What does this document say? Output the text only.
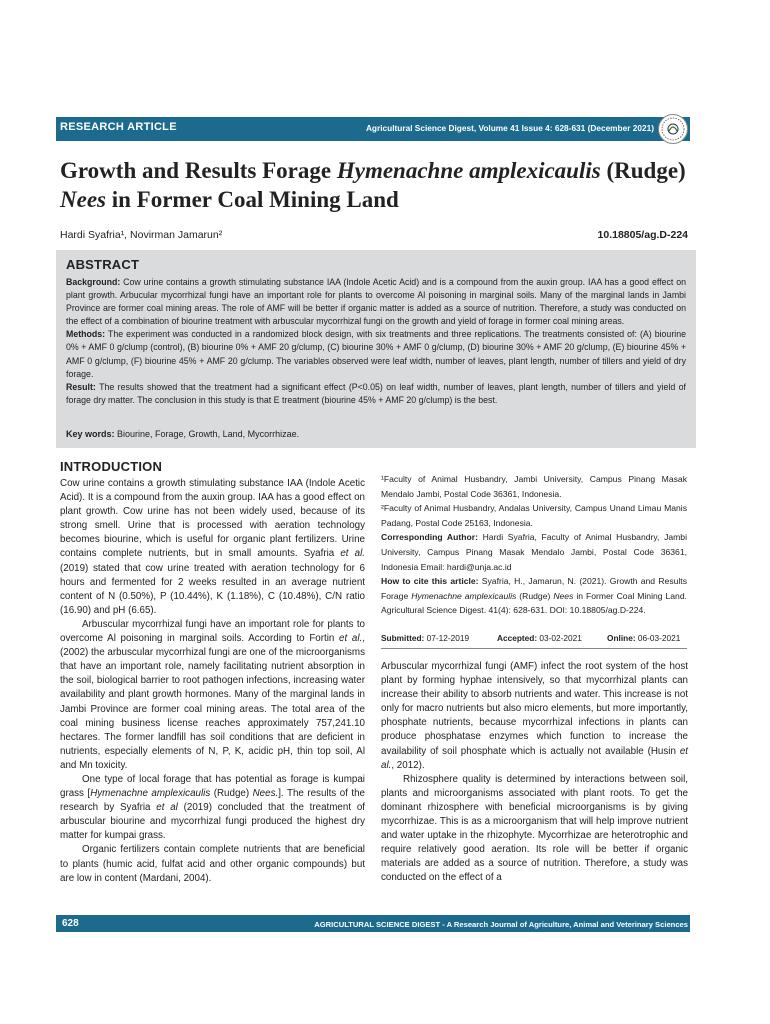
RESEARCH ARTICLE	Agricultural Science Digest, Volume 41 Issue 4: 628-631 (December 2021)
Growth and Results Forage Hymenachne amplexicaulis (Rudge)
Nees in Former Coal Mining Land
Hardi Syafria¹, Novirman Jamarun²	10.18805/ag.D-224
ABSTRACT
Background: Cow urine contains a growth stimulating substance IAA (Indole Acetic Acid) and is a compound from the auxin group. IAA has a good effect on plant growth. Arbucular mycorrhizal fungi have an important role for plants to overcome Al poisoning in marginal soils. Many of the marginal lands in Jambi Province are former coal mining areas. The role of AMF will be better if organic matter is added as a source of nutrition. Therefore, a study was conducted on the effect of a combination of biourine treatment with arbuscular mycorrhizal fungi on the growth and yield of forage in former coal mining areas.
Methods: The experiment was conducted in a randomized block design, with six treatments and three replications. The treatments consisted of: (A) biourine 0% + AMF 0 g/clump (control), (B) biourine 0% + AMF 20 g/clump, (C) biourine 30% + AMF 0 g/clump, (D) biourine 30% + AMF 20 g/clump, (E) biourine 45% + AMF 0 g/clump, (F) biourine 45% + AMF 20 g/clump. The variables observed were leaf width, number of leaves, plant length, number of tillers and yield of dry forage.
Result: The results showed that the treatment had a significant effect (P<0.05) on leaf width, number of leaves, plant length, number of tillers and yield of forage dry matter. The conclusion in this study is that E treatment (biourine 45% + AMF 20 g/clump) is the best.
Key words: Biourine, Forage, Growth, Land, Mycorrhizae.
INTRODUCTION

Cow urine contains a growth stimulating substance IAA (Indole Acetic Acid). It is a compound from the auxin group. IAA has a good effect on plant growth. Cow urine has not been widely used, because of its strong smell. Urine that is processed with aeration technology becomes biourine, which is useful for organic plant fertilizers. Urine contains complete nutrients, but in small amounts. Syafria et al. (2019) stated that cow urine treated with aeration technology for 6 hours and fermented for 2 weeks resulted in an average nutrient content of N (0.50%), P (10.44%), K (1.18%), C (10.48%), C/N ratio (16.90) and pH (6.65).

Arbuscular mycorrhizal fungi have an important role for plants to overcome Al poisoning in marginal soils. According to Fortin et al., (2002) the arbuscular mycorrhizal fungi are one of the microorganisms that have an important role, namely facilitating nutrient absorption in the soil, biological barrier to root pathogen infections, increasing water availability and plant growth hormones. Many of the marginal lands in Jambi Province are former coal mining areas. The total area of the coal mining business license reaches approximately 757,241.10 hectares. The former landfill has soil conditions that are deficient in nutrients, especially elements of N, P, K, acidic pH, thin top soil, Al and Mn toxicity.

One type of local forage that has potential as forage is kumpai grass [Hymenachne amplexicaulis (Rudge) Nees.]. The results of the research by Syafria et al (2019) concluded that the treatment of arbuscular biourine and mycorrhizal fungi produced the highest dry matter for kumpai grass.

Organic fertilizers contain complete nutrients that are beneficial to plants (humic acid, fulfat acid and other organic compounds) but are low in content (Mardani, 2004).

¹Faculty of Animal Husbandry, Jambi University, Campus Pinang Masak Mendalo Jambi, Postal Code 36361, Indonesia.

²Faculty of Animal Husbandry, Andalas University, Campus Unand Limau Manis Padang, Postal Code 25163, Indonesia.

Corresponding Author: Hardi Syafria, Faculty of Animal Husbandry, Jambi University, Campus Pinang Masak Mendalo Jambi, Postal Code 36361, Indonesia Email: hardi@unja.ac.id

How to cite this article: Syafria, H., Jamarun, N. (2021). Growth and Results Forage Hymenachne amplexicaulis (Rudge) Nees in Former Coal Mining Land. Agricultural Science Digest. 41(4): 628-631. DOI: 10.18805/ag.D-224.

Submitted: 07-12-2019	Accepted: 03-02-2021	Online: 06-03-2021

Arbuscular mycorrhizal fungi (AMF) infect the root system of the host plant by forming hyphae intensively, so that mycorrhizal plants can increase their ability to absorb nutrients and water. This increase is not only for macro nutrients but also micro elements, but more importantly, phosphate nutrients, because mycorrhizal infections in plants can produce phosphatase enzymes which function to increase the availability of soil phosphate which is actually not available (Husin et al., 2012).

Rhizosphere quality is determined by interactions between soil, plants and microorganisms associated with plant roots. To get the dominant rhizosphere with beneficial microorganisms is by giving mycorrhizae. This is as a microorganism that will help improve nutrient and water uptake in the rhizophyte. Mycorrhizae are heterotrophic and require relatively good aeration. Its role will be better if organic materials are added as a source of nutrition. Therefore, a study was conducted on the effect of a

628	AGRICULTURAL SCIENCE DIGEST - A Research Journal of Agriculture, Animal and Veterinary Sciences
